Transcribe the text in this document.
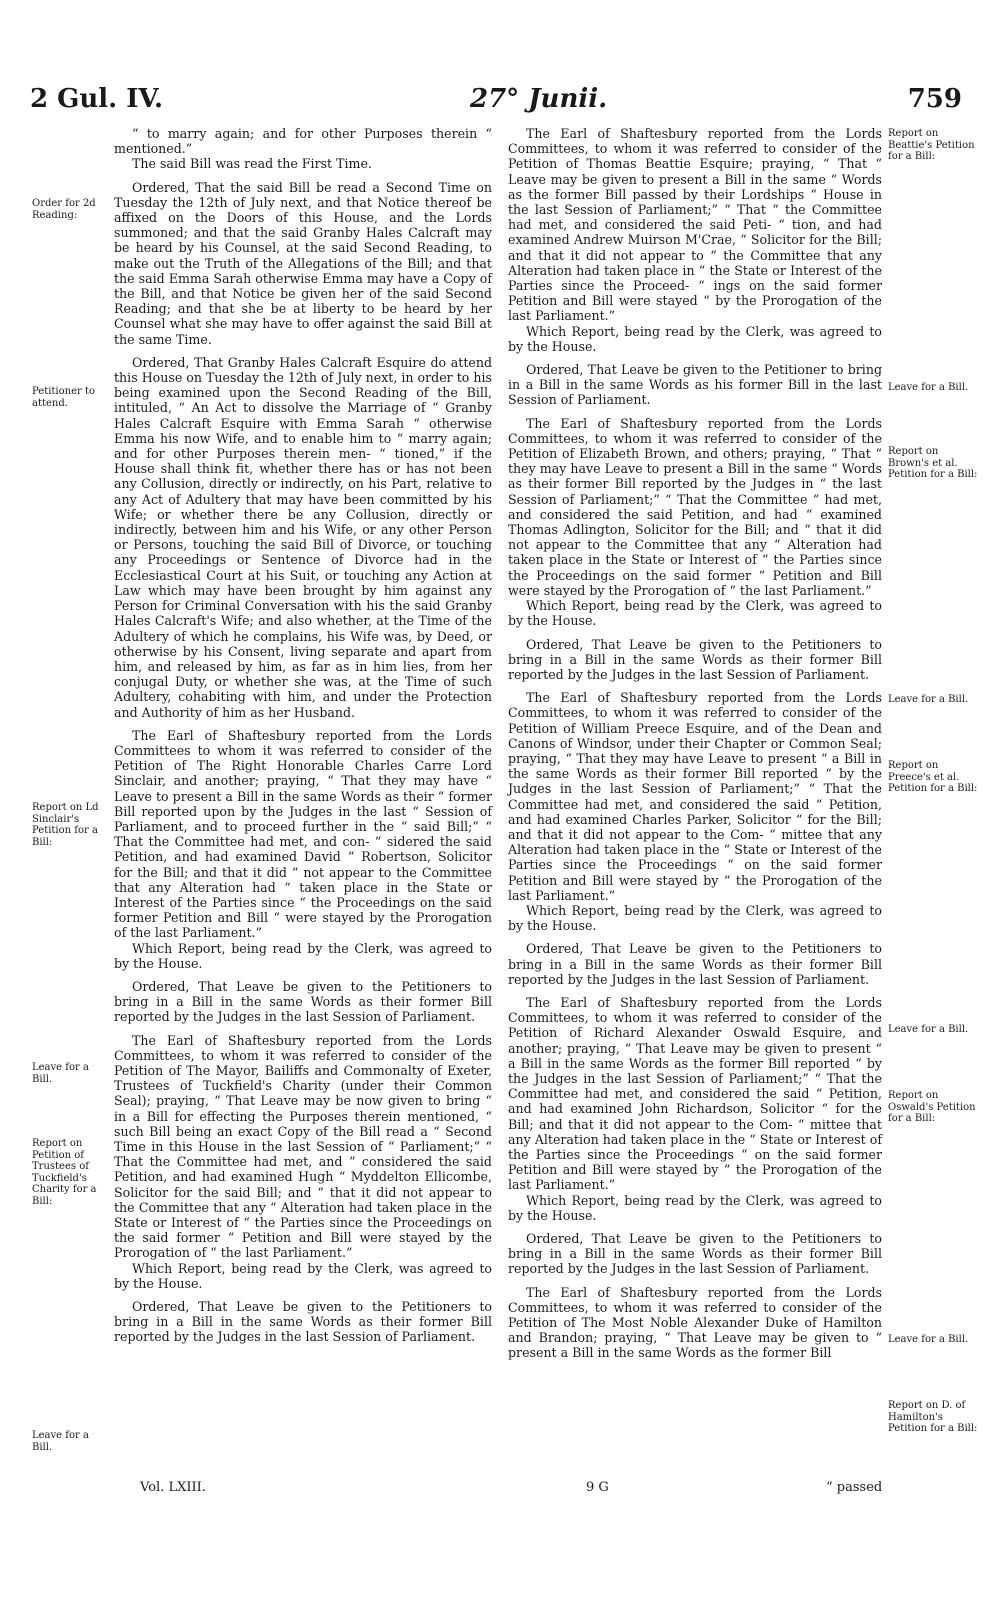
2 Gul. IV.	27° Junii.	759
Order for 2d Reading:
Petitioner to attend.
Report on Ld Sinclair's Petition for a Bill:
Leave for a Bill.
Report on Petition of Trustees of Tuckfield's Charity for a Bill:
Leave for a Bill.

“ to marry again; and for other Purposes therein “ mentioned.”

The said Bill was read the First Time.

Ordered, That the said Bill be read a Second Time on Tuesday the 12th of July next, and that Notice thereof be affixed on the Doors of this House, and the Lords summoned; and that the said Granby Hales Calcraft may be heard by his Counsel, at the said Second Reading, to make out the Truth of the Allegations of the Bill; and that the said Emma Sarah otherwise Emma may have a Copy of the Bill, and that Notice be given her of the said Second Reading; and that she be at liberty to be heard by her Counsel what she may have to offer against the said Bill at the same Time.

Ordered, That Granby Hales Calcraft Esquire do attend this House on Tuesday the 12th of July next, in order to his being examined upon the Second Reading of the Bill, intituled, “ An Act to dissolve the Marriage of “ Granby Hales Calcraft Esquire with Emma Sarah “ otherwise Emma his now Wife, and to enable him to “ marry again; and for other Purposes therein men- “ tioned,” if the House shall think fit, whether there has or has not been any Collusion, directly or indirectly, on his Part, relative to any Act of Adultery that may have been committed by his Wife; or whether there be any Collusion, directly or indirectly, between him and his Wife, or any other Person or Persons, touching the said Bill of Divorce, or touching any Proceedings or Sentence of Divorce had in the Ecclesiastical Court at his Suit, or touching any Action at Law which may have been brought by him against any Person for Criminal Conversation with his the said Granby Hales Calcraft's Wife; and also whether, at the Time of the Adultery of which he complains, his Wife was, by Deed, or otherwise by his Consent, living separate and apart from him, and released by him, as far as in him lies, from her conjugal Duty, or whether she was, at the Time of such Adultery, cohabiting with him, and under the Protection and Authority of him as her Husband.

The Earl of Shaftesbury reported from the Lords Committees to whom it was referred to consider of the Petition of The Right Honorable Charles Carre Lord Sinclair, and another; praying, “ That they may have “ Leave to present a Bill in the same Words as their “ former Bill reported upon by the Judges in the last “ Session of Parliament, and to proceed further in the “ said Bill;” “ That the Committee had met, and con- “ sidered the said Petition, and had examined David “ Robertson, Solicitor for the Bill; and that it did “ not appear to the Committee that any Alteration had “ taken place in the State or Interest of the Parties since “ the Proceedings on the said former Petition and Bill “ were stayed by the Prorogation of the last Parliament.”

Which Report, being read by the Clerk, was agreed to by the House.

Ordered, That Leave be given to the Petitioners to bring in a Bill in the same Words as their former Bill reported by the Judges in the last Session of Parliament.

The Earl of Shaftesbury reported from the Lords Committees, to whom it was referred to consider of the Petition of The Mayor, Bailiffs and Commonalty of Exeter, Trustees of Tuckfield's Charity (under their Common Seal); praying, “ That Leave may be now given to bring “ in a Bill for effecting the Purposes therein mentioned, “ such Bill being an exact Copy of the Bill read a “ Second Time in this House in the last Session of “ Parliament;” “ That the Committee had met, and “ considered the said Petition, and had examined Hugh “ Myddelton Ellicombe, Solicitor for the said Bill; and “ that it did not appear to the Committee that any “ Alteration had taken place in the State or Interest of “ the Parties since the Proceedings on the said former “ Petition and Bill were stayed by the Prorogation of “ the last Parliament.”

Which Report, being read by the Clerk, was agreed to by the House.

Ordered, That Leave be given to the Petitioners to bring in a Bill in the same Words as their former Bill reported by the Judges in the last Session of Parliament.

The Earl of Shaftesbury reported from the Lords Committees, to whom it was referred to consider of the Petition of Thomas Beattie Esquire; praying, “ That “ Leave may be given to present a Bill in the same “ Words as the former Bill passed by their Lordships “ House in the last Session of Parliament;” “ That “ the Committee had met, and considered the said Peti- “ tion, and had examined Andrew Muirson M'Crae, “ Solicitor for the Bill; and that it did not appear to “ the Committee that any Alteration had taken place in “ the State or Interest of the Parties since the Proceed- “ ings on the said former Petition and Bill were stayed “ by the Prorogation of the last Parliament.”

Which Report, being read by the Clerk, was agreed to by the House.

Ordered, That Leave be given to the Petitioner to bring in a Bill in the same Words as his former Bill in the last Session of Parliament.

The Earl of Shaftesbury reported from the Lords Committees, to whom it was referred to consider of the Petition of Elizabeth Brown, and others; praying, “ That “ they may have Leave to present a Bill in the same “ Words as their former Bill reported by the Judges in “ the last Session of Parliament;” “ That the Committee “ had met, and considered the said Petition, and had “ examined Thomas Adlington, Solicitor for the Bill; and “ that it did not appear to the Committee that any “ Alteration had taken place in the State or Interest of “ the Parties since the Proceedings on the said former “ Petition and Bill were stayed by the Prorogation of “ the last Parliament.”

Which Report, being read by the Clerk, was agreed to by the House.

Ordered, That Leave be given to the Petitioners to bring in a Bill in the same Words as their former Bill reported by the Judges in the last Session of Parliament.

The Earl of Shaftesbury reported from the Lords Committees, to whom it was referred to consider of the Petition of William Preece Esquire, and of the Dean and Canons of Windsor, under their Chapter or Common Seal; praying, “ That they may have Leave to present “ a Bill in the same Words as their former Bill reported “ by the Judges in the last Session of Parliament;” “ That the Committee had met, and considered the said “ Petition, and had examined Charles Parker, Solicitor “ for the Bill; and that it did not appear to the Com- “ mittee that any Alteration had taken place in the “ State or Interest of the Parties since the Proceedings “ on the said former Petition and Bill were stayed by “ the Prorogation of the last Parliament.”

Which Report, being read by the Clerk, was agreed to by the House.

Ordered, That Leave be given to the Petitioners to bring in a Bill in the same Words as their former Bill reported by the Judges in the last Session of Parliament.

The Earl of Shaftesbury reported from the Lords Committees, to whom it was referred to consider of the Petition of Richard Alexander Oswald Esquire, and another; praying, “ That Leave may be given to present “ a Bill in the same Words as the former Bill reported “ by the Judges in the last Session of Parliament;” “ That the Committee had met, and considered the said “ Petition, and had examined John Richardson, Solicitor “ for the Bill; and that it did not appear to the Com- “ mittee that any Alteration had taken place in the “ State or Interest of the Parties since the Proceedings “ on the said former Petition and Bill were stayed by “ the Prorogation of the last Parliament.”

Which Report, being read by the Clerk, was agreed to by the House.

Ordered, That Leave be given to the Petitioners to bring in a Bill in the same Words as their former Bill reported by the Judges in the last Session of Parliament.

The Earl of Shaftesbury reported from the Lords Committees, to whom it was referred to consider of the Petition of The Most Noble Alexander Duke of Hamilton and Brandon; praying, “ That Leave may be given to “ present a Bill in the same Words as the former Bill

Report on Beattie's Petition for a Bill:
Leave for a Bill.
Report on Brown's et al. Petition for a Bill:
Leave for a Bill.
Report on Preece's et al. Petition for a Bill:
Leave for a Bill.
Report on Oswald's Petition for a Bill:
Leave for a Bill.
Report on D. of Hamilton's Petition for a Bill:
Vol. LXIII.	9 G	“ passed
